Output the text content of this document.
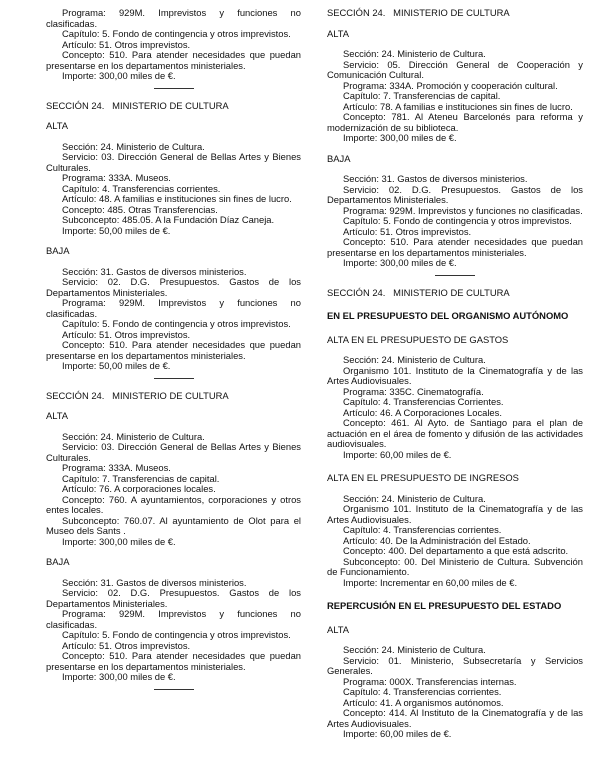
Programa: 929M. Imprevistos y funciones no clasificadas.

Capítulo: 5. Fondo de contingencia y otros imprevistos.

Artículo: 51. Otros imprevistos.

Concepto: 510. Para atender necesidades que puedan presentarse en los departamentos ministeriales.

Importe: 300,00 miles de €.

SECCIÓN 24.   MINISTERIO DE CULTURA

ALTA

Sección: 24. Ministerio de Cultura.

Servicio: 03. Dirección General de Bellas Artes y Bienes Culturales.

Programa: 333A. Museos.

Capítulo: 4. Transferencias corrientes.

Artículo: 48. A familias e instituciones sin fines de lucro.

Concepto: 485. Otras Transferencias.

Subconcepto: 485.05. A la Fundación Díaz Caneja.

Importe: 50,00 miles de €.

BAJA

Sección: 31. Gastos de diversos ministerios.

Servicio: 02. D.G. Presupuestos. Gastos de los Departamentos Ministeriales.

Programa: 929M. Imprevistos y funciones no clasificadas.

Capítulo: 5. Fondo de contingencia y otros imprevistos.

Artículo: 51. Otros imprevistos.

Concepto: 510. Para atender necesidades que puedan presentarse en los departamentos ministeriales.

Importe: 50,00 miles de €.

SECCIÓN 24.   MINISTERIO DE CULTURA

ALTA

Sección: 24. Ministerio de Cultura.

Servicio: 03. Dirección General de Bellas Artes y Bienes Culturales.

Programa: 333A. Museos.

Capítulo: 7. Transferencias de capital.

Artículo: 76. A corporaciones locales.

Concepto: 760. A ayuntamientos, corporaciones y otros entes locales.

Subconcepto: 760.07. Al ayuntamiento de Olot para el Museo dels Sants .

Importe: 300,00 miles de €.

BAJA

Sección: 31. Gastos de diversos ministerios.

Servicio: 02. D.G. Presupuestos. Gastos de los Departamentos Ministeriales.

Programa: 929M. Imprevistos y funciones no clasificadas.

Capítulo: 5. Fondo de contingencia y otros imprevistos.

Artículo: 51. Otros imprevistos.

Concepto: 510. Para atender necesidades que puedan presentarse en los departamentos ministeriales.

Importe: 300,00 miles de €.

SECCIÓN 24.   MINISTERIO DE CULTURA

ALTA

Sección: 24. Ministerio de Cultura.

Servicio: 05. Dirección General de Cooperación y Comunicación Cultural.

Programa: 334A. Promoción y cooperación cultural.

Capítulo: 7. Transferencias de capital.

Artículo: 78. A familias e instituciones sin fines de lucro.

Concepto: 781. Al Ateneu Barcelonés para reforma y modernización de su biblioteca.

Importe: 300,00 miles de €.

BAJA

Sección: 31. Gastos de diversos ministerios.

Servicio: 02. D.G. Presupuestos. Gastos de los Departamentos Ministeriales.

Programa: 929M. Imprevistos y funciones no clasificadas.

Capítulo: 5. Fondo de contingencia y otros imprevistos.

Artículo: 51. Otros imprevistos.

Concepto: 510. Para atender necesidades que puedan presentarse en los departamentos ministeriales.

Importe: 300,00 miles de €.

SECCIÓN 24.   MINISTERIO DE CULTURA

EN EL PRESUPUESTO DEL ORGANISMO AUTÓNOMO

ALTA EN EL PRESUPUESTO DE GASTOS

Sección: 24. Ministerio de Cultura.

Organismo 101. Instituto de la Cinematografía y de las Artes Audiovisuales.

Programa: 335C. Cinematografía.

Capítulo: 4. Transferencias Corrientes.

Artículo: 46. A Corporaciones Locales.

Concepto: 461. Al Ayto. de Santiago para el plan de actuación en el área de fomento y difusión de las actividades audiovisuales.

Importe: 60,00 miles de €.

ALTA EN EL PRESUPUESTO DE INGRESOS

Sección: 24. Ministerio de Cultura.

Organismo 101. Instituto de la Cinematografía y de las Artes Audiovisuales.

Capítulo: 4. Transferencias corrientes.

Artículo: 40. De la Administración del Estado.

Concepto: 400. Del departamento a que está adscrito.

Subconcepto: 00. Del Ministerio de Cultura. Subvención de Funcionamiento.

Importe: Incrementar en 60,00 miles de €.

REPERCUSIÓN EN EL PRESUPUESTO DEL ESTADO

ALTA

Sección: 24. Ministerio de Cultura.

Servicio: 01. Ministerio, Subsecretaría y Servicios Generales.

Programa: 000X. Transferencias internas.

Capítulo: 4. Transferencias corrientes.

Artículo: 41. A organismos autónomos.

Concepto: 414. Al Instituto de la Cinematografía y de las Artes Audiovisuales.

Importe: 60,00 miles de €.
